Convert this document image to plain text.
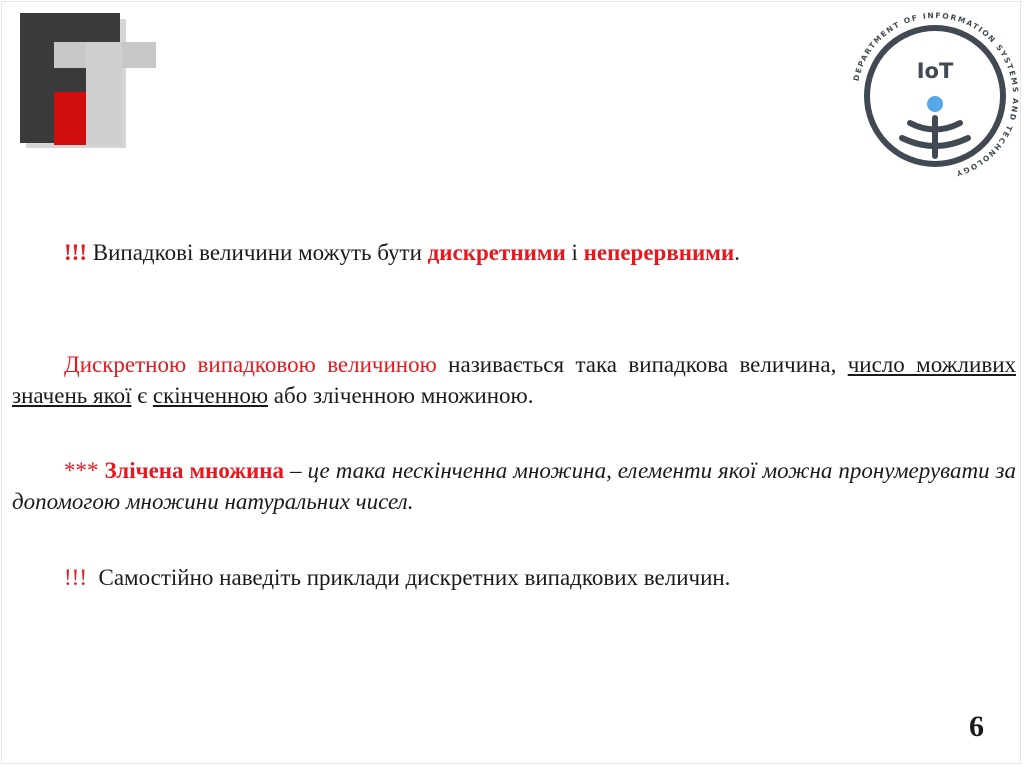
DEPARTMENT OF INFORMATION SYSTEMS AND TECHNOLOGY
IoT

!!! Випадкові величини можуть бути дискретними і неперервними.

Дискретною випадковою величиною називається така випадкова величина, число можливих значень якої є скінченною або зліченною множиною.

*** Злічена множина – це така нескінченна множина, елементи якої можна пронумерувати за допомогою множини натуральних чисел.

!!! Самостійно наведіть приклади дискретних випадкових величин.

6
